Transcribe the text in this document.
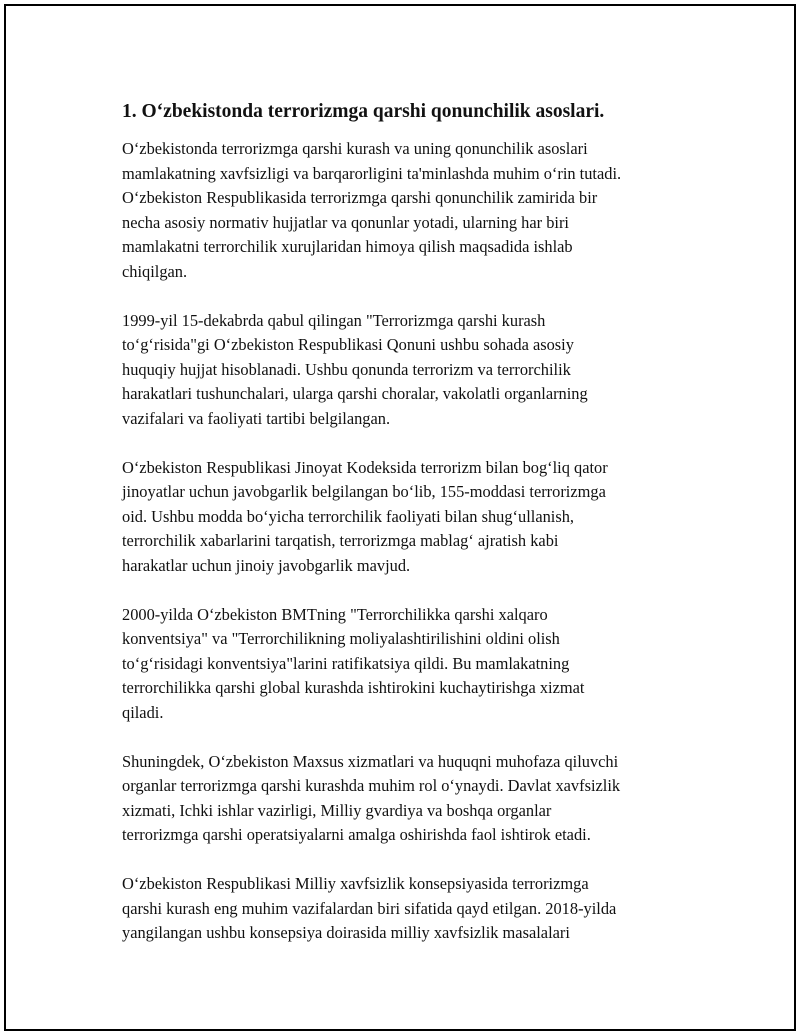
1. O‘zbekistonda terrorizmga qarshi qonunchilik asoslari.

O‘zbekistonda terrorizmga qarshi kurash va uning qonunchilik asoslari
mamlakatning xavfsizligi va barqarorligini ta'minlashda muhim o‘rin tutadi.
O‘zbekiston Respublikasida terrorizmga qarshi qonunchilik zamirida bir
necha asosiy normativ hujjatlar va qonunlar yotadi, ularning har biri
mamlakatni terrorchilik xurujlaridan himoya qilish maqsadida ishlab
chiqilgan.

1999-yil 15-dekabrda qabul qilingan "Terrorizmga qarshi kurash
to‘g‘risida"gi O‘zbekiston Respublikasi Qonuni ushbu sohada asosiy
huquqiy hujjat hisoblanadi. Ushbu qonunda terrorizm va terrorchilik
harakatlari tushunchalari, ularga qarshi choralar, vakolatli organlarning
vazifalari va faoliyati tartibi belgilangan.

O‘zbekiston Respublikasi Jinoyat Kodeksida terrorizm bilan bog‘liq qator
jinoyatlar uchun javobgarlik belgilangan bo‘lib, 155-moddasi terrorizmga
oid. Ushbu modda bo‘yicha terrorchilik faoliyati bilan shug‘ullanish,
terrorchilik xabarlarini tarqatish, terrorizmga mablag‘ ajratish kabi
harakatlar uchun jinoiy javobgarlik mavjud.

2000-yilda O‘zbekiston BMTning "Terrorchilikka qarshi xalqaro
konventsiya" va "Terrorchilikning moliyalashtirilishini oldini olish
to‘g‘risidagi konventsiya"larini ratifikatsiya qildi. Bu mamlakatning
terrorchilikka qarshi global kurashda ishtirokini kuchaytirishga xizmat
qiladi.

Shuningdek, O‘zbekiston Maxsus xizmatlari va huquqni muhofaza qiluvchi
organlar terrorizmga qarshi kurashda muhim rol o‘ynaydi. Davlat xavfsizlik
xizmati, Ichki ishlar vazirligi, Milliy gvardiya va boshqa organlar
terrorizmga qarshi operatsiyalarni amalga oshirishda faol ishtirok etadi.

O‘zbekiston Respublikasi Milliy xavfsizlik konsepsiyasida terrorizmga
qarshi kurash eng muhim vazifalardan biri sifatida qayd etilgan. 2018-yilda
yangilangan ushbu konsepsiya doirasida milliy xavfsizlik masalalari
